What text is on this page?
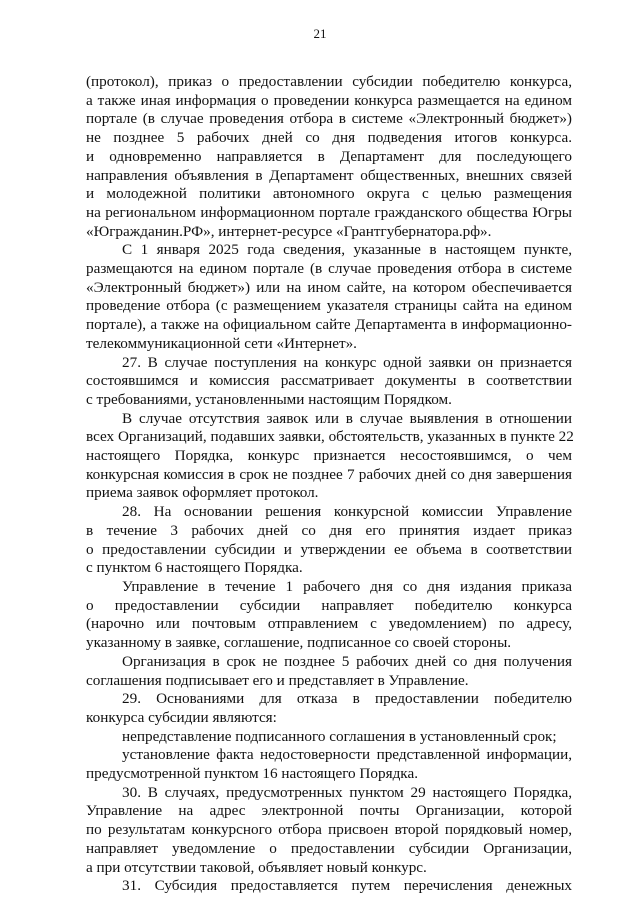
21
(протокол), приказ о предоставлении субсидии победителю конкурса,
а также иная информация о проведении конкурса размещается на едином
портале (в случае проведения отбора в системе «Электронный бюджет»)
не позднее 5 рабочих дней со дня подведения итогов конкурса.
и одновременно направляется в Департамент для последующего
направления объявления в Департамент общественных, внешних связей
и молодежной политики автономного округа с целью размещения
на региональном информационном портале гражданского общества Югры
«Югражданин.РФ», интернет-ресурсе «Грантгубернатора.рф».
С 1 января 2025 года сведения, указанные в настоящем пункте,
размещаются на едином портале (в случае проведения отбора в системе
«Электронный бюджет») или на ином сайте, на котором обеспечивается
проведение отбора (с размещением указателя страницы сайта на едином
портале), а также на официальном сайте Департамента в информационно-
телекоммуникационной сети «Интернет».
27. В случае поступления на конкурс одной заявки он признается
состоявшимся и комиссия рассматривает документы в соответствии
с требованиями, установленными настоящим Порядком.
В случае отсутствия заявок или в случае выявления в отношении
всех Организаций, подавших заявки, обстоятельств, указанных в пункте 22
настоящего Порядка, конкурс признается несостоявшимся, о чем
конкурсная комиссия в срок не позднее 7 рабочих дней со дня завершения
приема заявок оформляет протокол.
28. На основании решения конкурсной комиссии Управление
в течение 3 рабочих дней со дня его принятия издает приказ
о предоставлении субсидии и утверждении ее объема в соответствии
с пунктом 6 настоящего Порядка.
Управление в течение 1 рабочего дня со дня издания приказа
о предоставлении субсидии направляет победителю конкурса
(нарочно или почтовым отправлением с уведомлением) по адресу,
указанному в заявке, соглашение, подписанное со своей стороны.
Организация в срок не позднее 5 рабочих дней со дня получения
соглашения подписывает его и представляет в Управление.
29. Основаниями для отказа в предоставлении победителю
конкурса субсидии являются:
непредставление подписанного соглашения в установленный срок;
установление факта недостоверности представленной информации,
предусмотренной пунктом 16 настоящего Порядка.
30. В случаях, предусмотренных пунктом 29 настоящего Порядка,
Управление на адрес электронной почты Организации, которой
по результатам конкурсного отбора присвоен второй порядковый номер,
направляет уведомление о предоставлении субсидии Организации,
а при отсутствии таковой, объявляет новый конкурс.
31. Субсидия предоставляется путем перечисления денежных
